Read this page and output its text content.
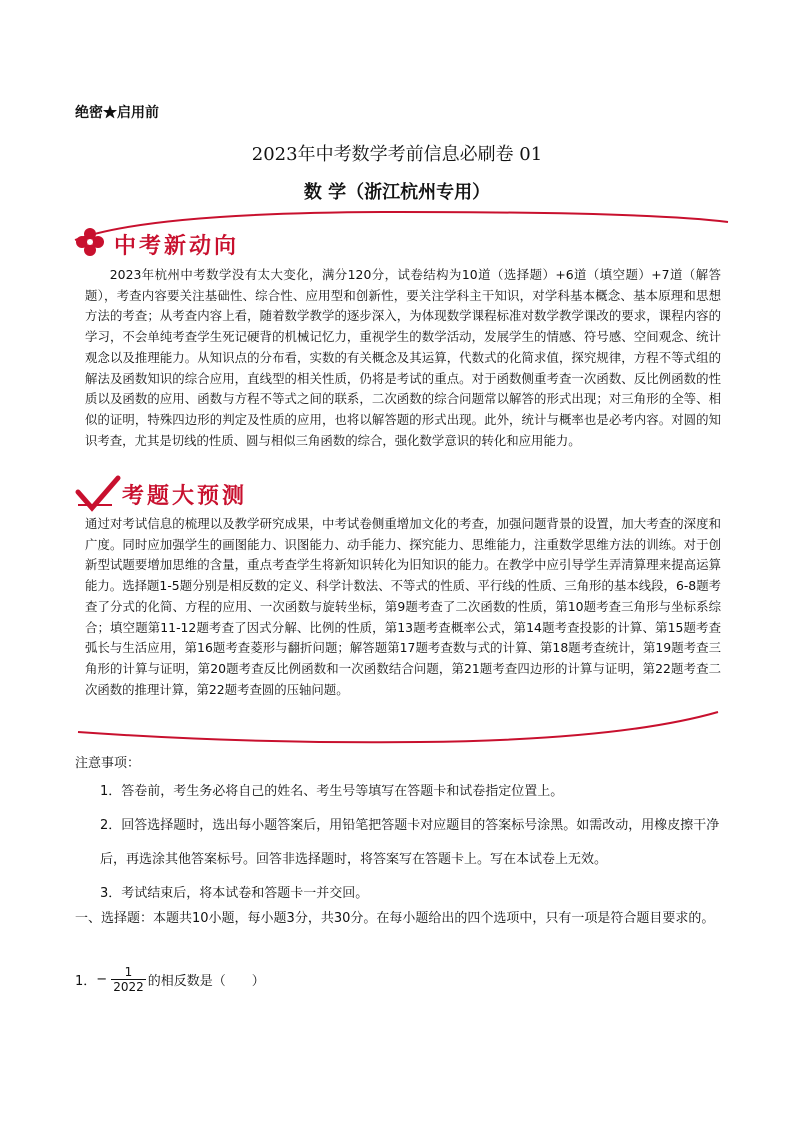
绝密★启用前
2023年中考数学考前信息必刷卷 01
数 学（浙江杭州专用）
中考新动向

2023年杭州中考数学没有太大变化，满分120分，试卷结构为10道（选择题）+6道（填空题）+7道（解答题），考查内容要关注基础性、综合性、应用型和创新性，要关注学科主干知识，对学科基本概念、基本原理和思想方法的考查；从考查内容上看，随着数学教学的逐步深入，为体现数学课程标准对数学教学课改的要求，课程内容的学习，不会单纯考查学生死记硬背的机械记忆力，重视学生的数学活动，发展学生的情感、符号感、空间观念、统计观念以及推理能力。从知识点的分布看，实数的有关概念及其运算，代数式的化简求值，探究规律，方程不等式组的解法及函数知识的综合应用，直线型的相关性质，仍将是考试的重点。对于函数侧重考查一次函数、反比例函数的性质以及函数的应用、函数与方程不等式之间的联系，二次函数的综合问题常以解答的形式出现；对三角形的全等、相似的证明，特殊四边形的判定及性质的应用，也将以解答题的形式出现。此外，统计与概率也是必考内容。对圆的知识考查，尤其是切线的性质、圆与相似三角函数的综合，强化数学意识的转化和应用能力。

考题大预测

通过对考试信息的梳理以及教学研究成果，中考试卷侧重增加文化的考查，加强问题背景的设置，加大考查的深度和广度。同时应加强学生的画图能力、识图能力、动手能力、探究能力、思维能力，注重数学思维方法的训练。对于创新型试题要增加思维的含量，重点考查学生将新知识转化为旧知识的能力。在教学中应引导学生弄清算理来提高运算能力。选择题1-5题分别是相反数的定义、科学计数法、不等式的性质、平行线的性质、三角形的基本线段，6-8题考查了分式的化简、方程的应用、一次函数与旋转坐标，第9题考查了二次函数的性质，第10题考查三角形与坐标系综合；填空题第11-12题考查了因式分解、比例的性质，第13题考查概率公式，第14题考查投影的计算、第15题考查弧长与生活应用，第16题考查菱形与翻折问题；解答题第17题考查数与式的计算、第18题考查统计，第19题考查三角形的计算与证明，第20题考查反比例函数和一次函数结合问题，第21题考查四边形的计算与证明，第22题考查二次函数的推理计算，第22题考查圆的压轴问题。

注意事项：
1．答卷前，考生务必将自己的姓名、考生号等填写在答题卡和试卷指定位置上。
2．回答选择题时，选出每小题答案后，用铅笔把答题卡对应题目的答案标号涂黑。如需改动，用橡皮擦干净后，再选涂其他答案标号。回答非选择题时，将答案写在答题卡上。写在本试卷上无效。
3．考试结束后，将本试卷和答题卡一并交回。
一、选择题：本题共10小题，每小题3分，共30分。在每小题给出的四个选项中，只有一项是符合题目要求的。
1． − $\frac{1}{2022}$ 的相反数是（　　）
